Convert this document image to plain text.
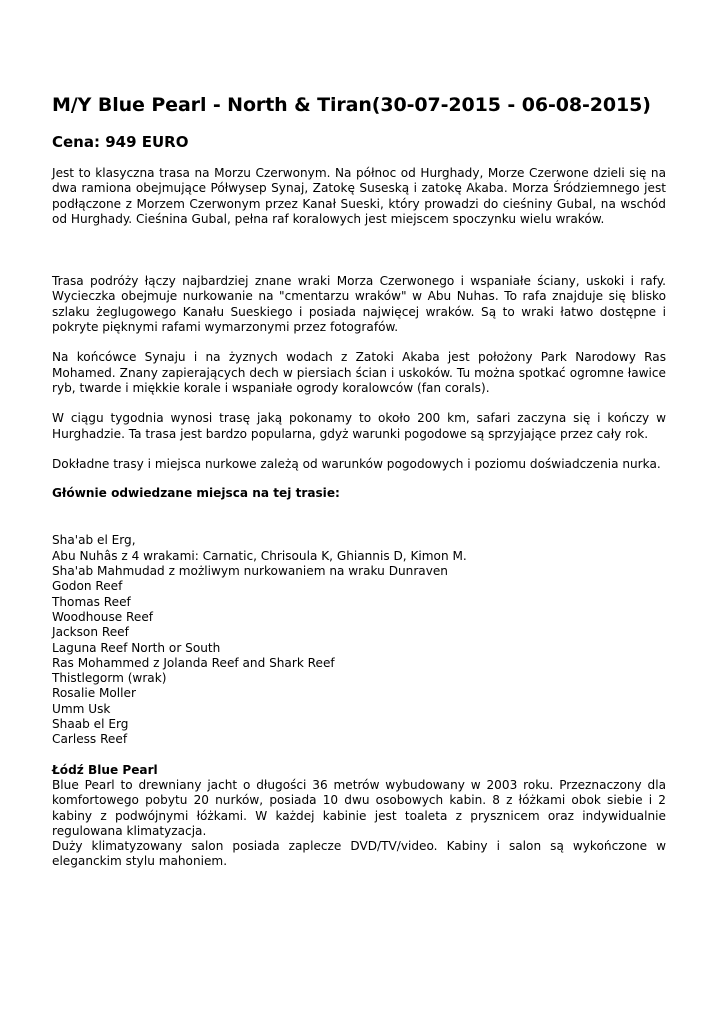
M/Y Blue Pearl - North & Tiran(30-07-2015 - 06-08-2015)
Cena: 949 EURO

Jest to klasyczna trasa na Morzu Czerwonym. Na północ od Hurghady, Morze Czerwone dzieli się na dwa ramiona obejmujące Półwysep Synaj, Zatokę Suseską i zatokę Akaba. Morza Śródziemnego jest podłączone z Morzem Czerwonym przez Kanał Sueski, który prowadzi do cieśniny Gubal, na wschód od Hurghady. Cieśnina Gubal, pełna raf koralowych jest miejscem spoczynku wielu wraków.

Trasa podróży łączy najbardziej znane wraki Morza Czerwonego i wspaniałe ściany, uskoki i rafy. Wycieczka obejmuje nurkowanie na "cmentarzu wraków" w Abu Nuhas. To rafa znajduje się blisko szlaku żeglugowego Kanału Sueskiego i posiada najwięcej wraków. Są to wraki łatwo dostępne i pokryte pięknymi rafami wymarzonymi przez fotografów.

Na końcówce Synaju i na żyznych wodach z Zatoki Akaba jest położony Park Narodowy Ras Mohamed. Znany zapierających dech w piersiach ścian i uskoków. Tu można spotkać ogromne ławice ryb, twarde i miękkie korale i wspaniałe ogrody koralowców (fan corals).

W ciągu tygodnia wynosi trasę jaką pokonamy to około 200 km, safari zaczyna się i kończy w Hurghadzie. Ta trasa jest bardzo popularna, gdyż warunki pogodowe są sprzyjające przez cały rok.

Dokładne trasy i miejsca nurkowe zależą od warunków pogodowych i poziomu doświadczenia nurka.

Głównie odwiedzane miejsca na tej trasie:
Sha'ab el Erg,
Abu Nuhâs z 4 wrakami: Carnatic, Chrisoula K, Ghiannis D, Kimon M.
Sha'ab Mahmudad z możliwym nurkowaniem na wraku Dunraven
Godon Reef
Thomas Reef
Woodhouse Reef
Jackson Reef
Laguna Reef North or South
Ras Mohammed z Jolanda Reef and Shark Reef
Thistlegorm (wrak)
Rosalie Moller
Umm Usk
Shaab el Erg
Carless Reef
Łódź Blue Pearl

Blue Pearl to drewniany jacht o długości 36 metrów wybudowany w 2003 roku. Przeznaczony dla komfortowego pobytu 20 nurków, posiada 10 dwu osobowych kabin. 8 z łóżkami obok siebie i 2 kabiny z podwójnymi łóżkami. W każdej kabinie jest toaleta z prysznicem oraz indywidualnie regulowana klimatyzacja.

Duży klimatyzowany salon posiada zaplecze DVD/TV/video. Kabiny i salon są wykończone w eleganckim stylu mahoniem.
